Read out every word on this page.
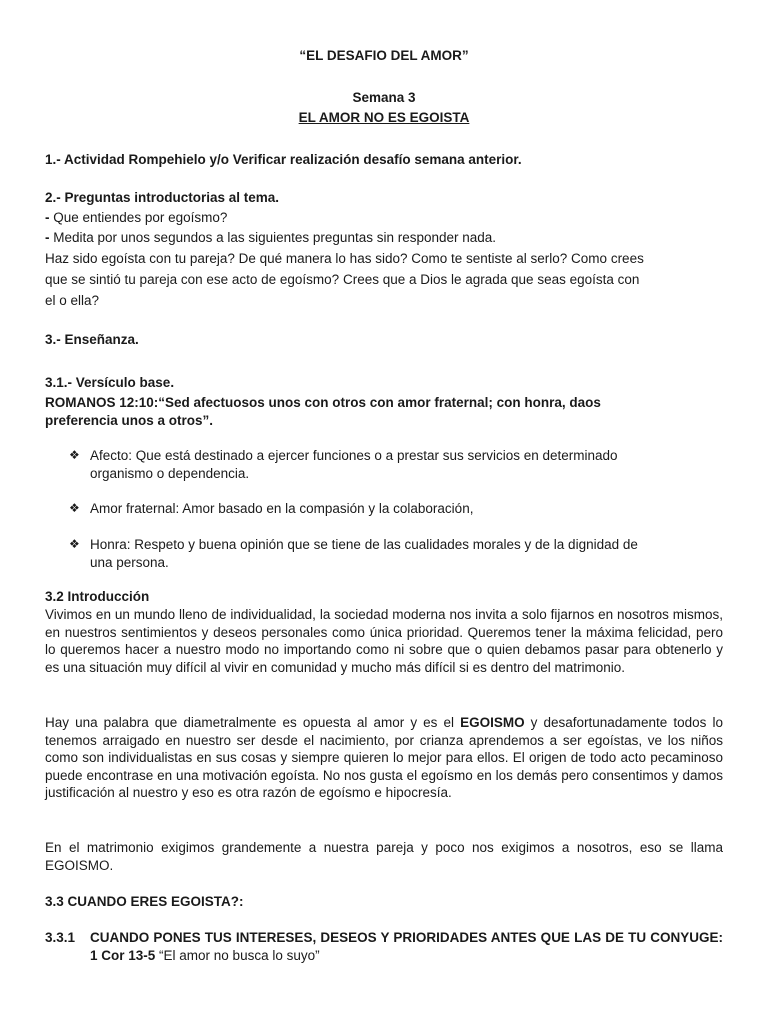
“EL DESAFIO DEL AMOR”

Semana 3

EL AMOR NO ES EGOISTA

1.- Actividad Rompehielo y/o Verificar realización desafío semana anterior.

2.- Preguntas introductorias al tema.

- Que entiendes por egoísmo?

- Medita por unos segundos a las siguientes preguntas sin responder nada.

Haz sido egoísta con tu pareja? De qué manera lo has sido? Como te sentiste al serlo? Como crees

que se sintió tu pareja con ese acto de egoísmo? Crees que a Dios le agrada que seas egoísta con

el o ella?

3.- Enseñanza.

3.1.- Versículo base.

ROMANOS 12:10:“Sed afectuosos unos con otros con amor fraternal; con honra, daos

preferencia unos a otros”.

❖ Afecto: Que está destinado a ejercer funciones o a prestar sus servicios en determinado
organismo o dependencia.
❖ Amor fraternal: Amor basado en la compasión y la colaboración,
❖ Honra: Respeto y buena opinión que se tiene de las cualidades morales y de la dignidad de
una persona.

3.2 Introducción

Vivimos en un mundo lleno de individualidad, la sociedad moderna nos invita a solo fijarnos en nosotros mismos, en nuestros sentimientos y deseos personales como única prioridad. Queremos tener la máxima felicidad, pero lo queremos hacer a nuestro modo no importando como ni sobre que o quien debamos pasar para obtenerlo y es una situación muy difícil al vivir en comunidad y mucho más difícil si es dentro del matrimonio.

Hay una palabra que diametralmente es opuesta al amor y es el EGOISMO y desafortunadamente todos lo tenemos arraigado en nuestro ser desde el nacimiento, por crianza aprendemos a ser egoístas, ve los niños como son individualistas en sus cosas y siempre quieren lo mejor para ellos. El origen de todo acto pecaminoso puede encontrase en una motivación egoísta. No nos gusta el egoísmo en los demás pero consentimos y damos justificación al nuestro y eso es otra razón de egoísmo e hipocresía.

En el matrimonio exigimos grandemente a nuestra pareja y poco nos exigimos a nosotros, eso se llama EGOISMO.

3.3 CUANDO ERES EGOISTA?:

3.3.1 CUANDO PONES TUS INTERESES, DESEOS Y PRIORIDADES ANTES QUE LAS DE TU CONYUGE: 1 Cor 13-5 “El amor no busca lo suyo”
